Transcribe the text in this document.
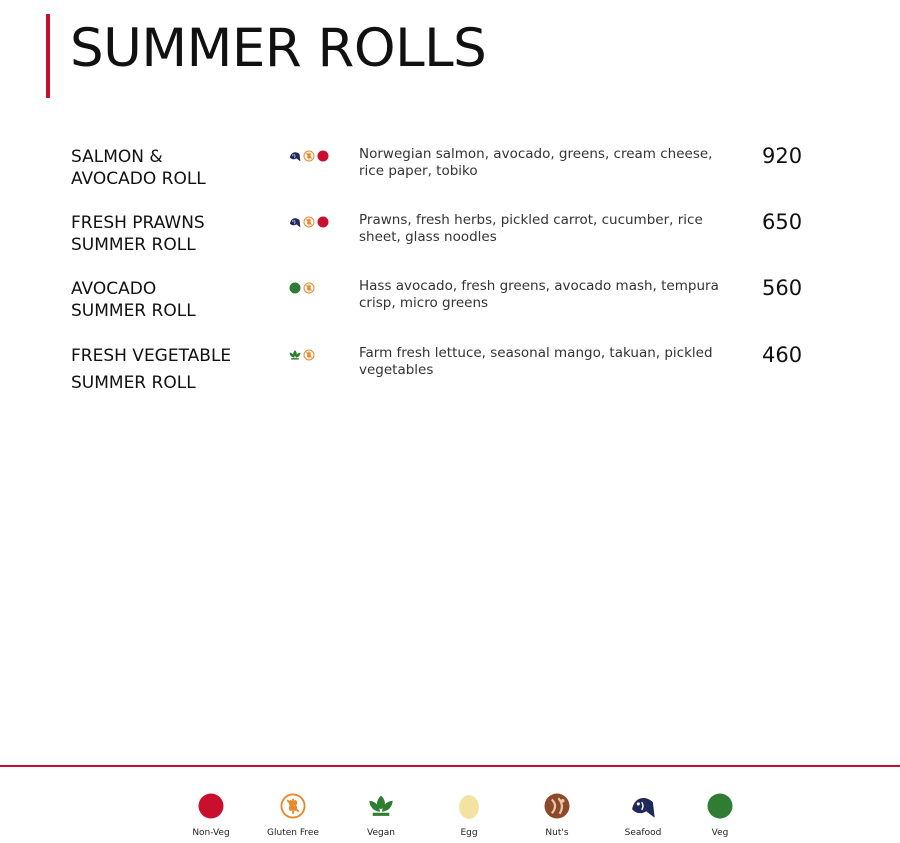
SUMMER ROLLS
SALMON &
AVOCADO ROLL
Norwegian salmon, avocado, greens, cream cheese,
rice paper, tobiko
920
FRESH PRAWNS
SUMMER ROLL
Prawns, fresh herbs, pickled carrot, cucumber, rice
sheet, glass noodles
650
AVOCADO
SUMMER ROLL
Hass avocado, fresh greens, avocado mash, tempura
crisp, micro greens
560
FRESH VEGETABLE
SUMMER ROLL
Farm fresh lettuce, seasonal mango, takuan, pickled
vegetables
460
Non-Veg	Gluten Free	Vegan	Egg	Nut's	Seafood	Veg
